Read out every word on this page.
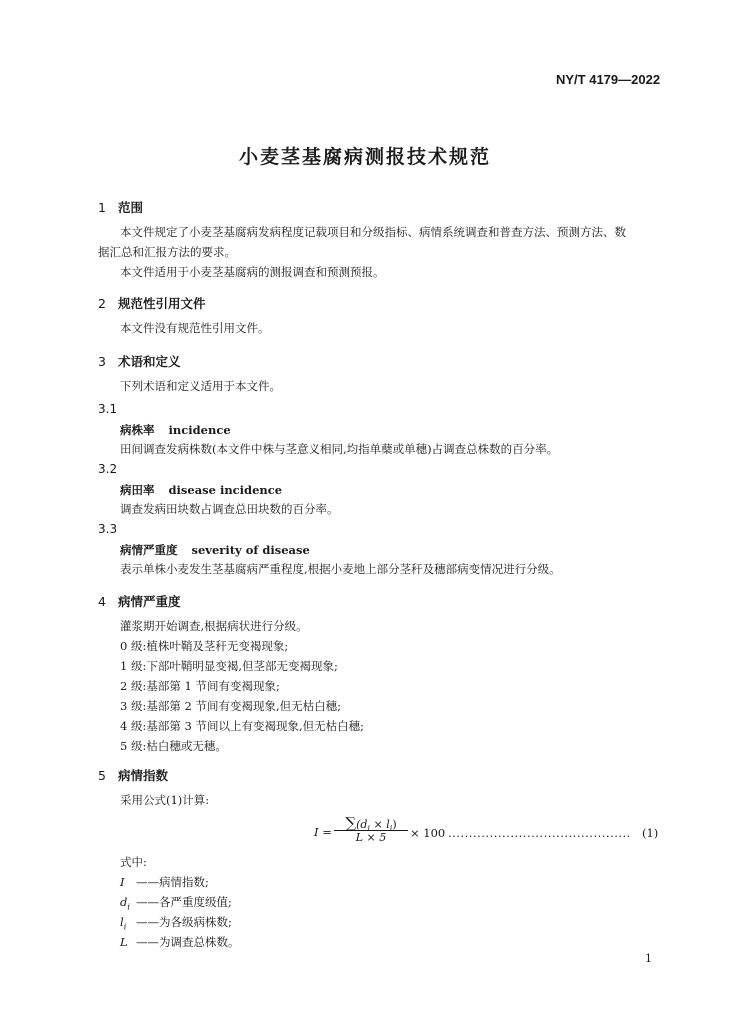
NY/T 4179—2022
小麦茎基腐病测报技术规范
1 范围
本文件规定了小麦茎基腐病发病程度记载项目和分级指标、病情系统调查和普查方法、预测方法、数
据汇总和汇报方法的要求。
本文件适用于小麦茎基腐病的测报调查和预测预报。
2 规范性引用文件
本文件没有规范性引用文件。
3 术语和定义
下列术语和定义适用于本文件。
3.1
病株率 incidence
田间调查发病株数(本文件中株与茎意义相同,均指单蘖或单穗)占调查总株数的百分率。
3.2
病田率 disease incidence
调查发病田块数占调查总田块数的百分率。
3.3
病情严重度 severity of disease
表示单株小麦发生茎基腐病严重程度,根据小麦地上部分茎秆及穗部病变情况进行分级。
4 病情严重度
灌浆期开始调查,根据病状进行分级。
0 级:植株叶鞘及茎秆无变褐现象;
1 级:下部叶鞘明显变褐,但茎部无变褐现象;
2 级:基部第 1 节间有变褐现象;
3 级:基部第 2 节间有变褐现象,但无枯白穗;
4 级:基部第 3 节间以上有变褐现象,但无枯白穗;
5 级:枯白穗或无穗。
5 病情指数
采用公式(1)计算:
$I = \sum(d_i \times l_i)$
L × 5	× 100 ............................................ (1)
式中:
I ——病情指数;
$d_i$ ——各严重度级值;
$l_i$ ——为各级病株数;
L ——为调查总株数。
1
